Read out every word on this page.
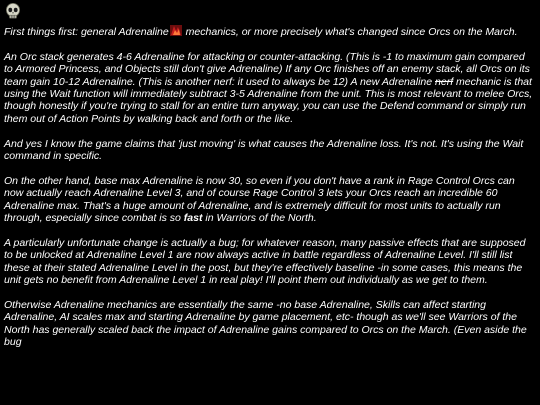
First things first: general Adrenaline mechanics, or more precisely what's changed since Orcs on the March.

An Orc stack generates 4-6 Adrenaline for attacking or counter-attacking. (This is -1 to maximum gain compared to Armored Princess, and Objects still don't give Adrenaline) If any Orc finishes off an enemy stack, all Orcs on its team gain 10-12 Adrenaline. (This is another nerf: it used to always be 12) A new Adrenaline nerf mechanic is that using the Wait function will immediately subtract 3-5 Adrenaline from the unit. This is most relevant to melee Orcs, though honestly if you're trying to stall for an entire turn anyway, you can use the Defend command or simply run them out of Action Points by walking back and forth or the like.

And yes I know the game claims that 'just moving' is what causes the Adrenaline loss. It's not. It's using the Wait command in specific.

On the other hand, base max Adrenaline is now 30, so even if you don't have a rank in Rage Control Orcs can now actually reach Adrenaline Level 3, and of course Rage Control 3 lets your Orcs reach an incredible 60 Adrenaline max. That's a huge amount of Adrenaline, and is extremely difficult for most units to actually run through, especially since combat is so fast in Warriors of the North.

A particularly unfortunate change is actually a bug; for whatever reason, many passive effects that are supposed to be unlocked at Adrenaline Level 1 are now always active in battle regardless of Adrenaline Level. I'll still list these at their stated Adrenaline Level in the post, but they're effectively baseline -in some cases, this means the unit gets no benefit from Adrenaline Level 1 in real play! I'll point them out individually as we get to them.

Otherwise Adrenaline mechanics are essentially the same -no base Adrenaline, Skills can affect starting Adrenaline, AI scales max and starting Adrenaline by game placement, etc- though as we'll see Warriors of the North has generally scaled back the impact of Adrenaline gains compared to Orcs on the March. (Even aside the bug
